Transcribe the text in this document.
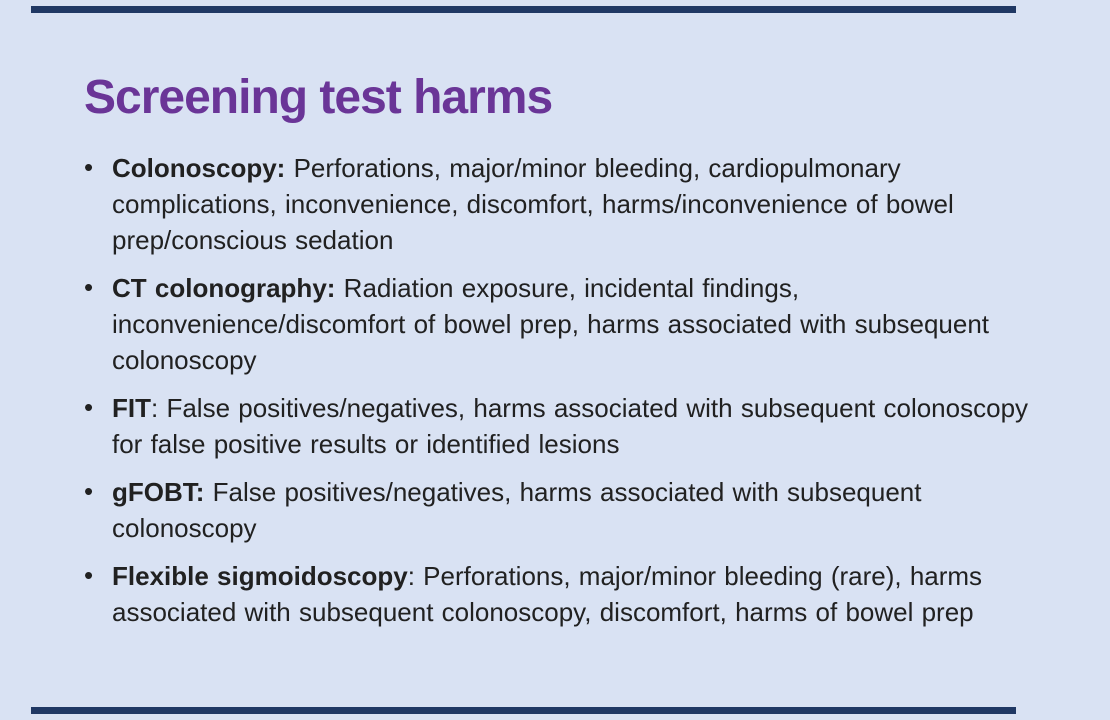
Screening test harms
• Colonoscopy: Perforations, major/minor bleeding, cardiopulmonary complications, inconvenience, discomfort, harms/inconvenience of bowel prep/conscious sedation
• CT colonography: Radiation exposure, incidental findings, inconvenience/discomfort of bowel prep, harms associated with subsequent colonoscopy
• FIT: False positives/negatives, harms associated with subsequent colonoscopy for false positive results or identified lesions
• gFOBT: False positives/negatives, harms associated with subsequent colonoscopy
• Flexible sigmoidoscopy: Perforations, major/minor bleeding (rare), harms associated with subsequent colonoscopy, discomfort, harms of bowel prep
